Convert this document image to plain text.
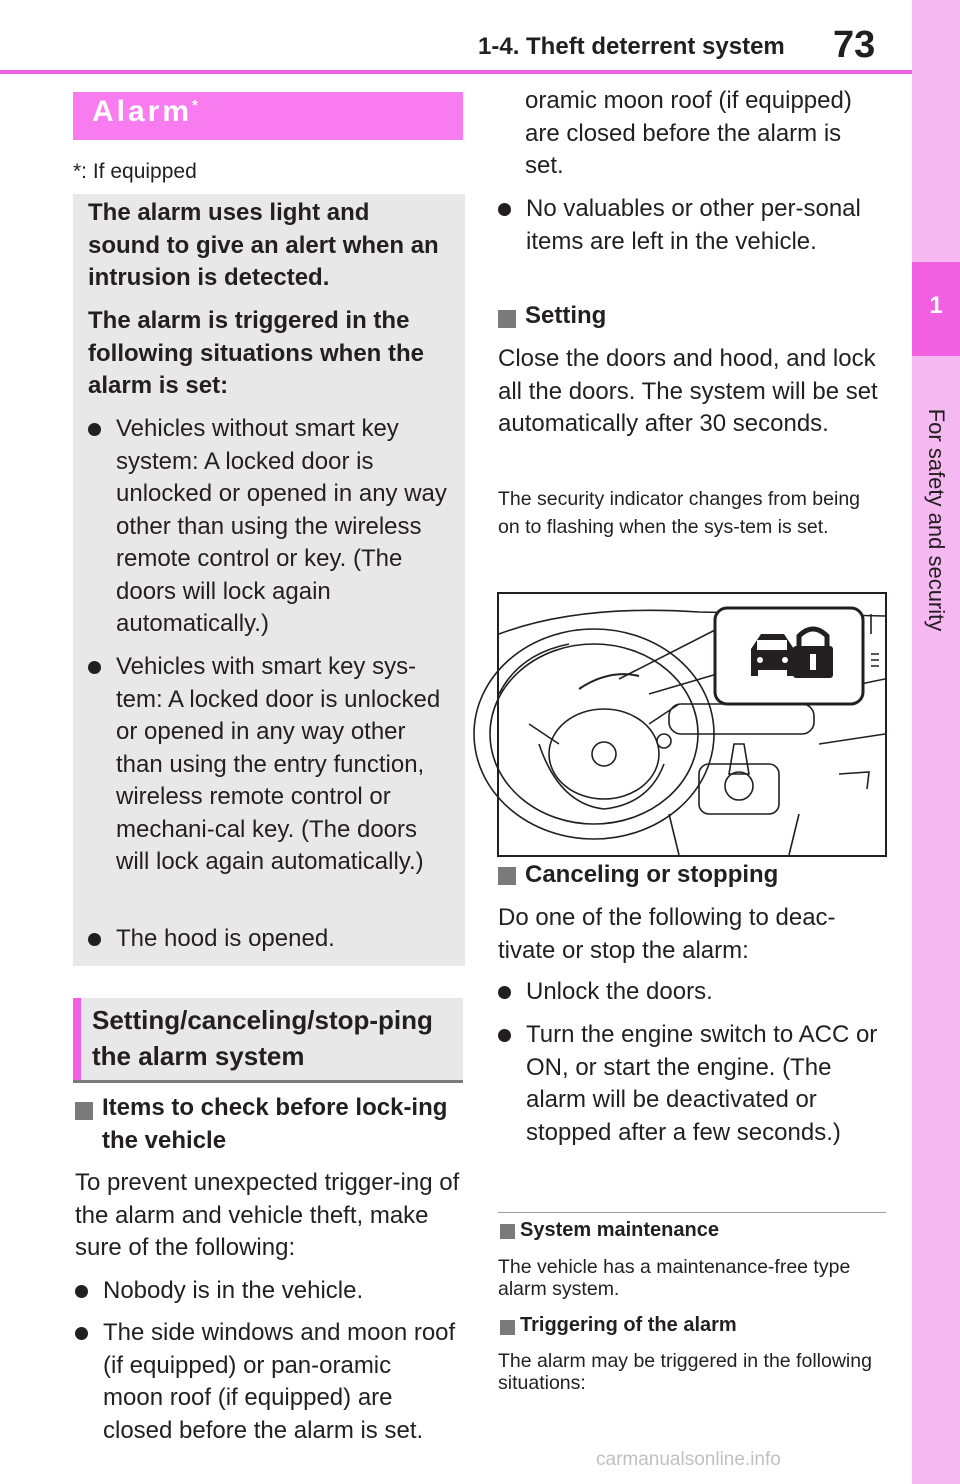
1-4. Theft deterrent system 73
1
For safety and security
Alarm*
*: If equipped
The alarm uses light and sound to give an alert when an intrusion is detected.
The alarm is triggered in the following situations when the alarm is set:
Vehicles without smart key system: A locked door is unlocked or opened in any way other than using the wireless remote control or key. (The doors will lock again automatically.)
Vehicles with smart key sys-tem: A locked door is unlocked or opened in any way other than using the entry function, wireless remote control or mechani-cal key. (The doors will lock again automatically.)
The hood is opened.
Setting/canceling/stop-ping the alarm system
Items to check before lock-ing the vehicle
To prevent unexpected trigger-ing of the alarm and vehicle theft, make sure of the following:
Nobody is in the vehicle.
The side windows and moon roof (if equipped) or pan-oramic moon roof (if equipped) are closed before the alarm is set.
oramic moon roof (if equipped) are closed before the alarm is set.
No valuables or other per-sonal items are left in the vehicle.
Setting
Close the doors and hood, and lock all the doors. The system will be set automatically after 30 seconds.
The security indicator changes from being on to flashing when the sys-tem is set.
Canceling or stopping
Do one of the following to deac-tivate or stop the alarm:
Unlock the doors.
Turn the engine switch to ACC or ON, or start the engine. (The alarm will be deactivated or stopped after a few seconds.)
System maintenance
The vehicle has a maintenance-free type alarm system.
Triggering of the alarm
The alarm may be triggered in the following situations:
carmanualsonline.info
